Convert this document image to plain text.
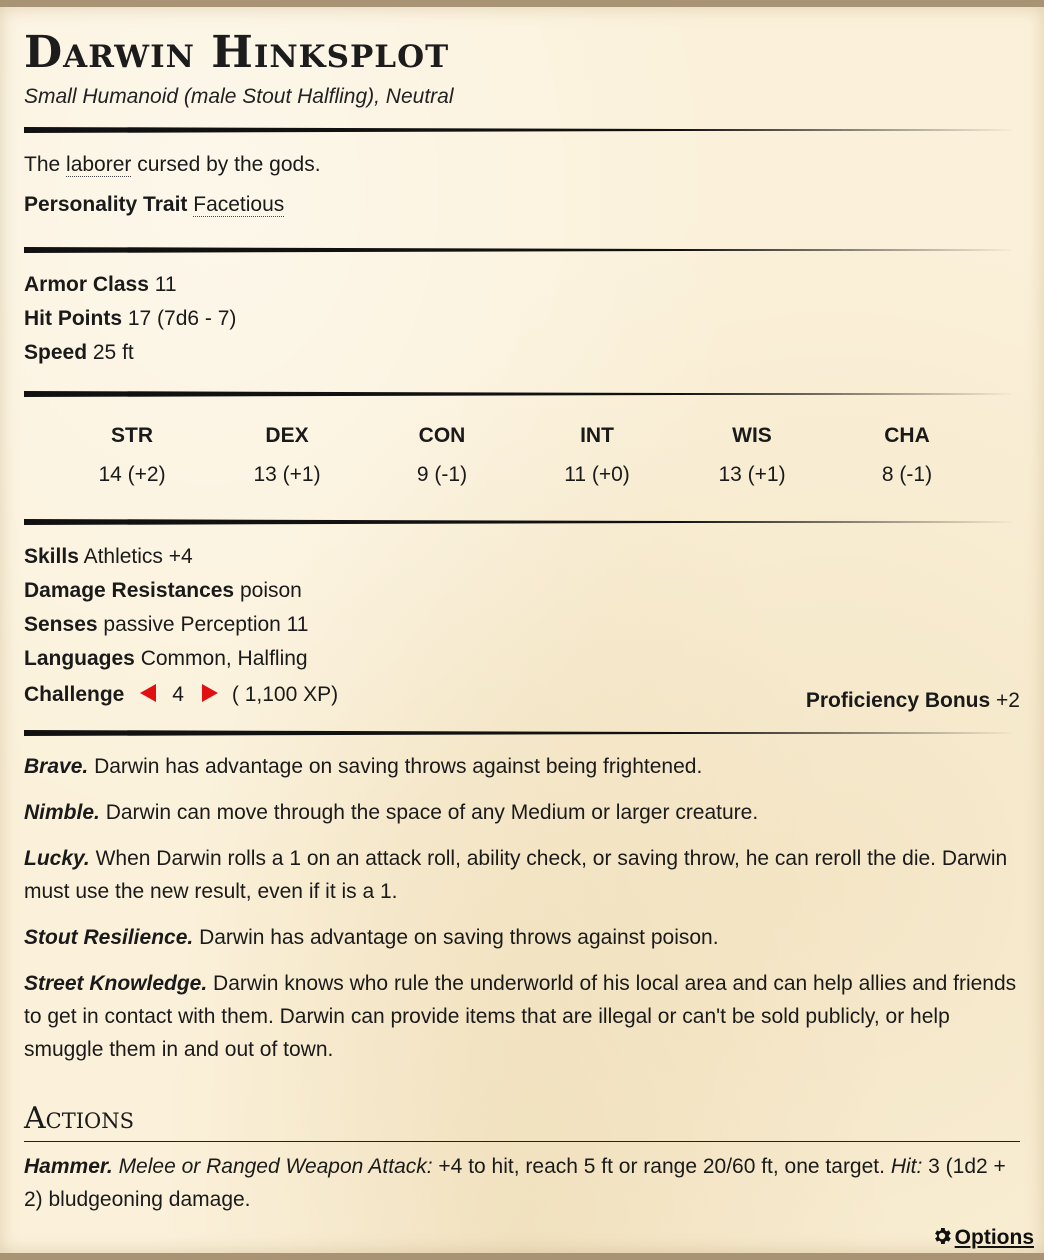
Darwin Hinksplot
Small Humanoid (male Stout Halfling), Neutral
The laborer cursed by the gods.
Personality Trait Facetious
Armor Class 11
Hit Points 17 (7d6 - 7)
Speed 25 ft
STR
14 (+2)
DEX
13 (+1)
CON
9 (-1)
INT
11 (+0)
WIS
13 (+1)
CHA
8 (-1)
Skills Athletics +4
Damage Resistances poison
Senses passive Perception 11
Languages Common, Halfling
Challenge 4 ( 1,100 XP)	Proficiency Bonus +2
Brave. Darwin has advantage on saving throws against being frightened.
Nimble. Darwin can move through the space of any Medium or larger creature.
Lucky. When Darwin rolls a 1 on an attack roll, ability check, or saving throw, he can reroll the die. Darwin must use the new result, even if it is a 1.
Stout Resilience. Darwin has advantage on saving throws against poison.
Street Knowledge. Darwin knows who rule the underworld of his local area and can help allies and friends to get in contact with them. Darwin can provide items that are illegal or can't be sold publicly, or help smuggle them in and out of town.
Actions
Hammer. Melee or Ranged Weapon Attack: +4 to hit, reach 5 ft or range 20/60 ft, one target. Hit: 3 (1d2 + 2) bludgeoning damage.
Options
